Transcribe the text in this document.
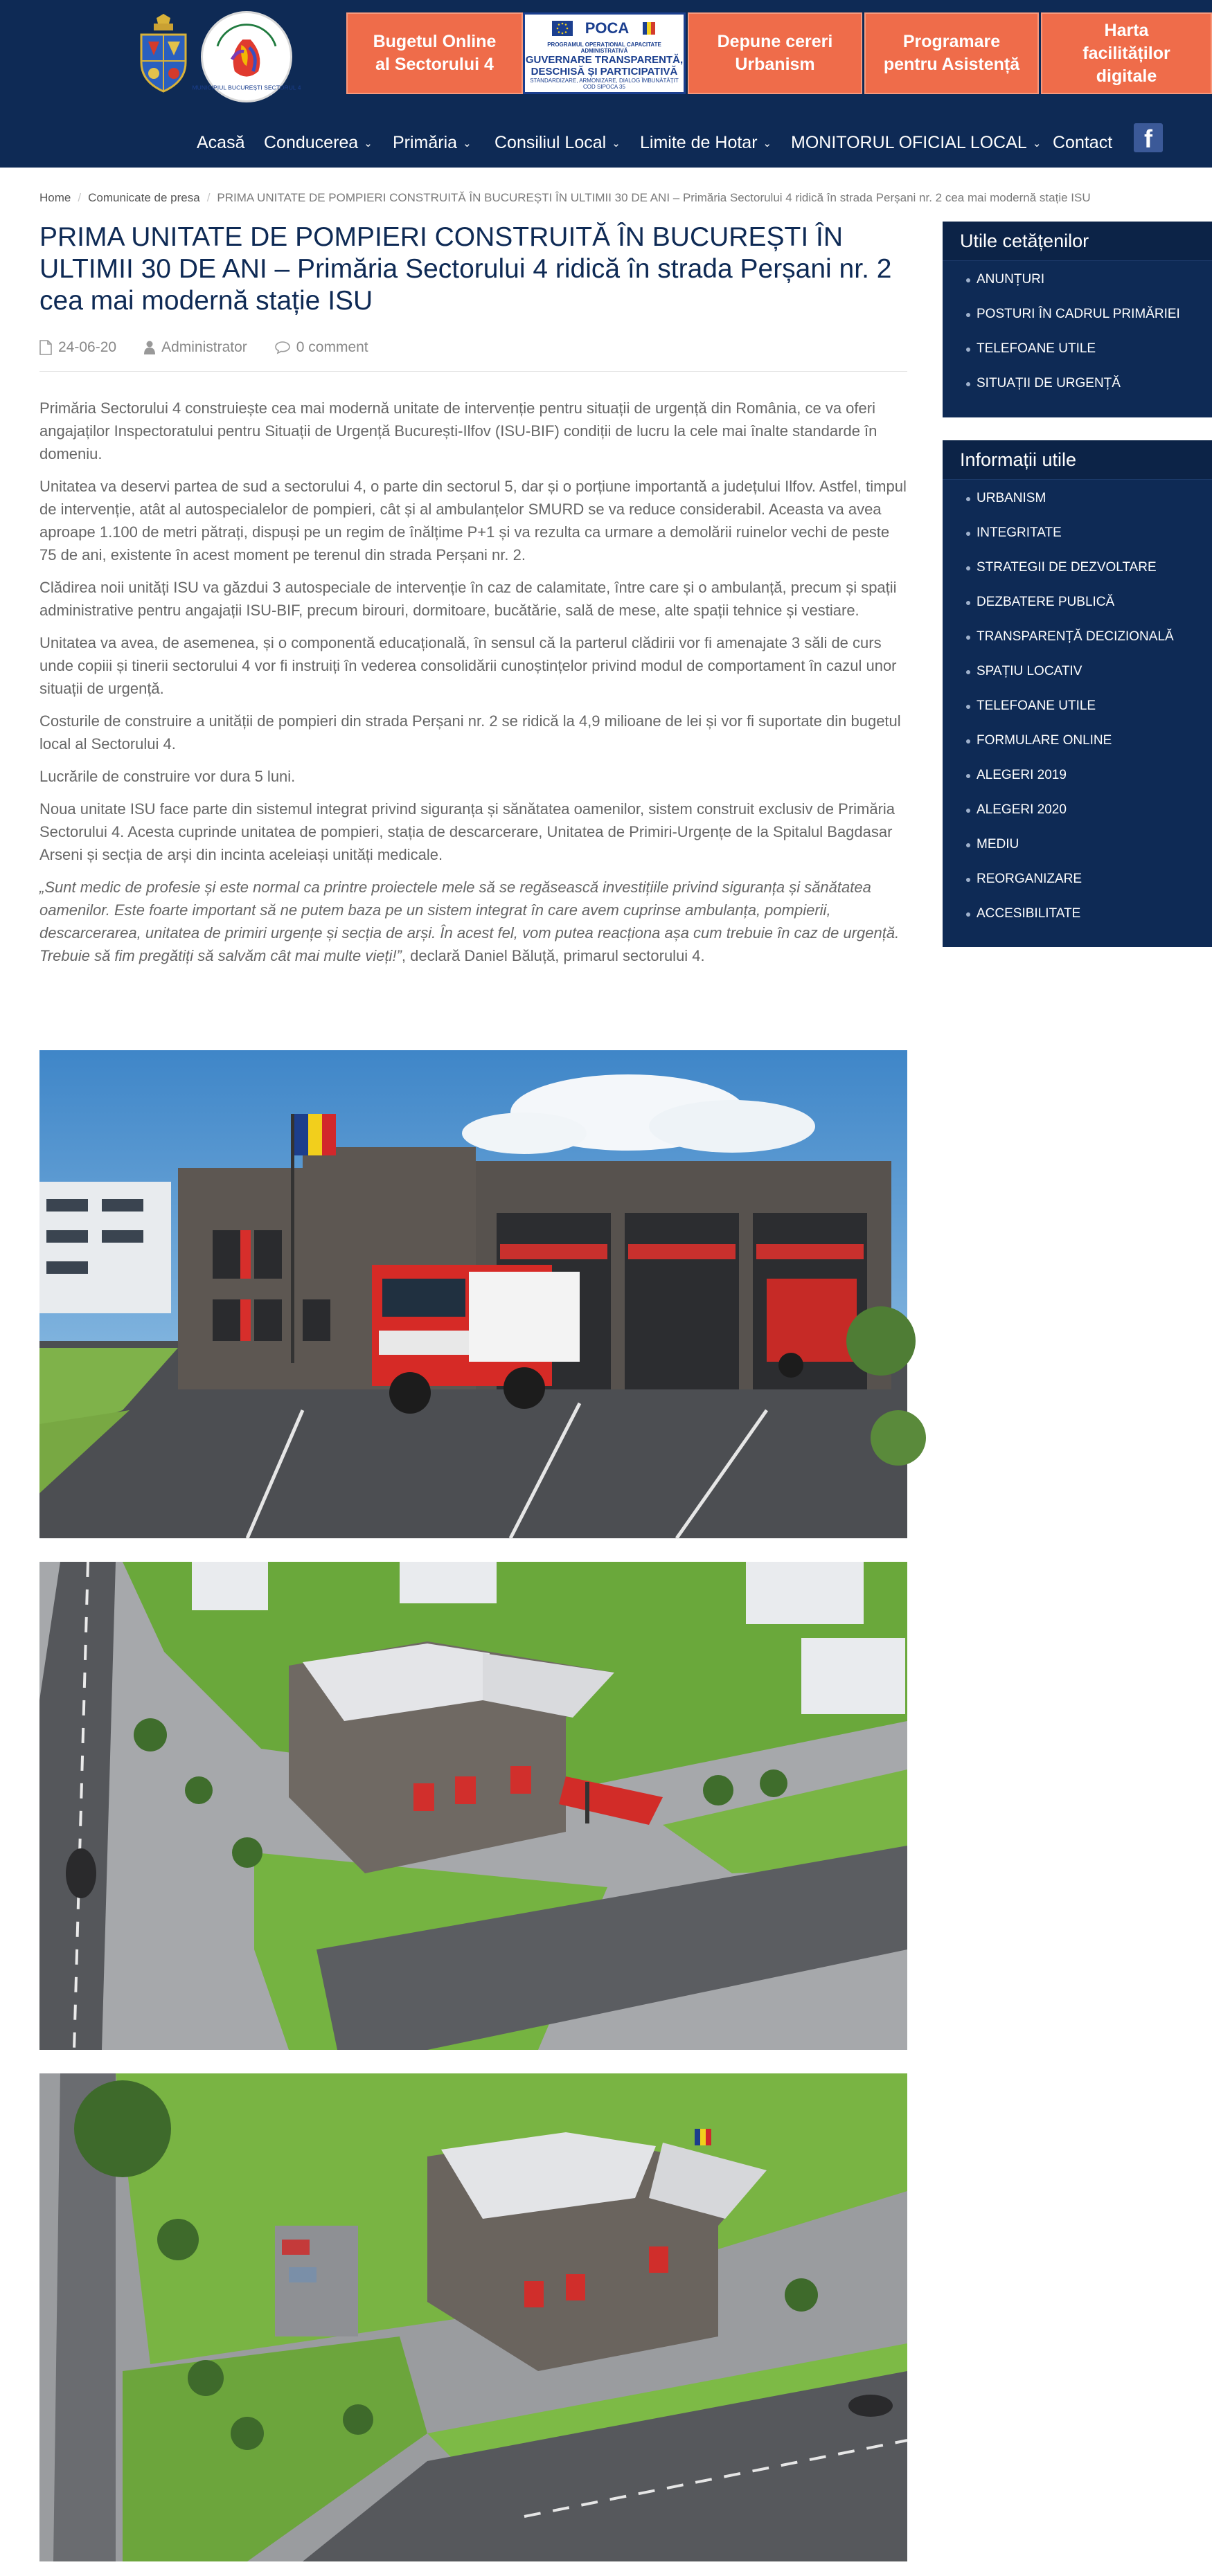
MUNICIPIUL BUCUREȘTI SECTORUL 4
Bugetul Online
al Sectorului 4
POCA
PROGRAMUL OPERAȚIONAL CAPACITATE ADMINISTRATIVĂ
GUVERNARE TRANSPARENTĂ,
DESCHISĂ ȘI PARTICIPATIVĂ
STANDARDIZARE, ARMONIZARE, DIALOG ÎMBUNĂTĂȚIT
COD SIPOCA 35
Depune cereri
Urbanism
Programare
pentru Asistență
Harta
facilităților
digitale
Acasă Conducerea ⌄ Primăria ⌄ Consiliul Local ⌄ Limite de Hotar ⌄ MONITORUL OFICIAL LOCAL ⌄ Contact	f
Home / Comunicate de presa / PRIMA UNITATE DE POMPIERI CONSTRUITĂ ÎN BUCUREȘTI ÎN ULTIMII 30 DE ANI – Primăria Sectorului 4 ridică în strada Perșani nr. 2 cea mai modernă stație ISU
PRIMA UNITATE DE POMPIERI CONSTRUITĂ ÎN BUCUREȘTI ÎN ULTIMII 30 DE ANI – Primăria Sectorului 4 ridică în strada Perșani nr. 2 cea mai modernă stație ISU
24-06-20	Administrator	0 comment

Primăria Sectorului 4 construiește cea mai modernă unitate de intervenție pentru situații de urgență din România, ce va oferi angajaților Inspectoratului pentru Situații de Urgență București-Ilfov (ISU-BIF) condiții de lucru la cele mai înalte standarde în domeniu.

Unitatea va deservi partea de sud a sectorului 4, o parte din sectorul 5, dar și o porțiune importantă a județului Ilfov. Astfel, timpul de intervenție, atât al autospecialelor de pompieri, cât și al ambulanțelor SMURD se va reduce considerabil. Aceasta va avea aproape 1.100 de metri pătrați, dispuși pe un regim de înălțime P+1 și va rezulta ca urmare a demolării ruinelor vechi de peste 75 de ani, existente în acest moment pe terenul din strada Perșani nr. 2.

Clădirea noii unități ISU va găzdui 3 autospeciale de intervenție în caz de calamitate, între care și o ambulanță, precum și spații administrative pentru angajații ISU-BIF, precum birouri, dormitoare, bucătărie, sală de mese, alte spații tehnice și vestiare.

Unitatea va avea, de asemenea, și o componentă educațională, în sensul că la parterul clădirii vor fi amenajate 3 săli de curs unde copiii și tinerii sectorului 4 vor fi instruiți în vederea consolidării cunoștințelor privind modul de comportament în cazul unor situații de urgență.

Costurile de construire a unității de pompieri din strada Perșani nr. 2 se ridică la 4,9 milioane de lei și vor fi suportate din bugetul local al Sectorului 4.

Lucrările de construire vor dura 5 luni.

Noua unitate ISU face parte din sistemul integrat privind siguranța și sănătatea oamenilor, sistem construit exclusiv de Primăria Sectorului 4. Acesta cuprinde unitatea de pompieri, stația de descarcerare, Unitatea de Primiri-Urgențe de la Spitalul Bagdasar Arseni și secția de arși din incinta aceleiași unități medicale.

„Sunt medic de profesie și este normal ca printre proiectele mele să se regăsească investițiile privind siguranța și sănătatea oamenilor. Este foarte important să ne putem baza pe un sistem integrat în care avem cuprinse ambulanța, pompierii, descarcerarea, unitatea de primiri urgențe și secția de arși. În acest fel, vom putea reacționa așa cum trebuie în caz de urgență. Trebuie să fim pregătiți să salvăm cât mai multe vieți!”, declară Daniel Băluță, primarul sectorului 4.

Utile cetățenilor
ANUNȚURI
POSTURI ÎN CADRUL PRIMĂRIEI
TELEFOANE UTILE
SITUAȚII DE URGENȚĂ
Informații utile
URBANISM
INTEGRITATE
STRATEGII DE DEZVOLTARE
DEZBATERE PUBLICĂ
TRANSPARENȚĂ DECIZIONALĂ
SPAȚIU LOCATIV
TELEFOANE UTILE
FORMULARE ONLINE
ALEGERI 2019
ALEGERI 2020
MEDIU
REORGANIZARE
ACCESIBILITATE
